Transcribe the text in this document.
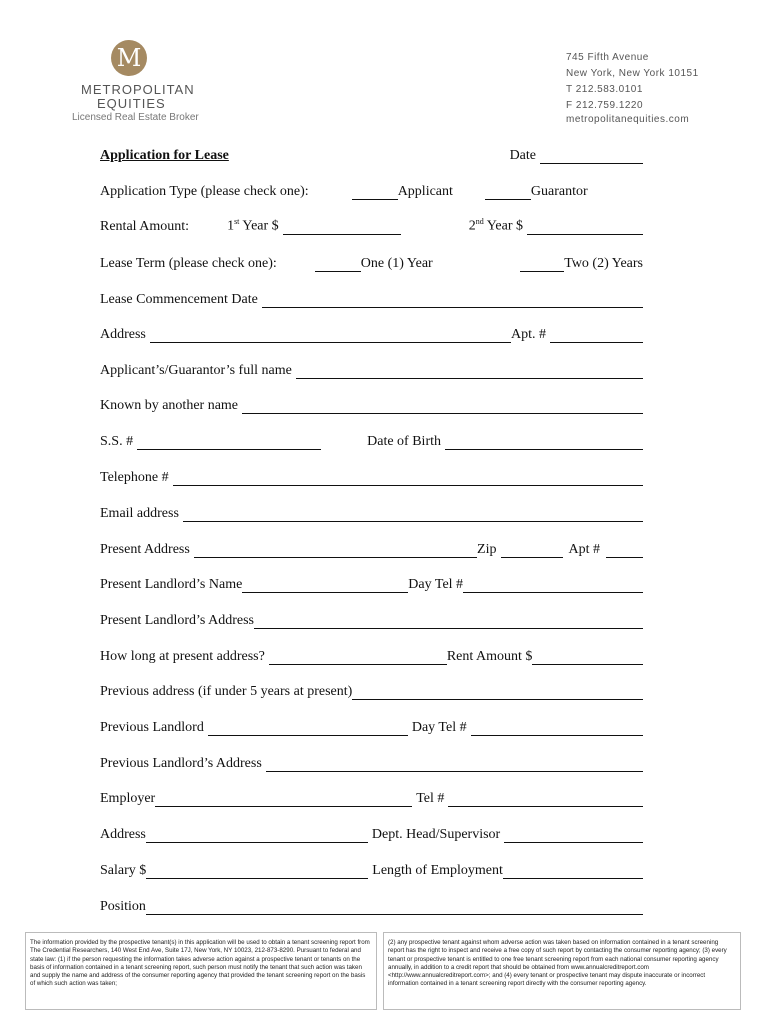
M
METROPOLITAN
EQUITIES
Licensed Real Estate Broker
745 Fifth Avenue
New York, New York 10151
T 212.583.0101
F 212.759.1220
metropolitanequities.com
Application for Lease	Date
Application Type (please check one):	Applicant	Guarantor
Rental Amount:	1st Year $	2nd Year $
Lease Term (please check one):	One (1) Year	Two (2) Years
Lease Commencement Date
Address	Apt. #
Applicant’s/Guarantor’s full name
Known by another name
S.S. #	Date of Birth
Telephone #
Email address
Present Address	Zip	Apt #
Present Landlord’s Name	Day Tel #
Present Landlord’s Address
How long at present address?	Rent Amount $
Previous address (if under 5 years at present)
Previous Landlord	Day Tel #
Previous Landlord’s Address
Employer	Tel #
Address	Dept. Head/Supervisor
Salary $	Length of Employment
Position
The information provided by the prospective tenant(s) in this application will be used to obtain a tenant screening report from The Credential Researchers, 140 West End Ave, Suite 17J, New York, NY 10023, 212-873-8290. Pursuant to federal and state law: (1) if the person requesting the information takes adverse action against a prospective tenant or tenants on the basis of information contained in a tenant screening report, such person must notify the tenant that such action was taken and supply the name and address of the consumer reporting agency that provided the tenant screening report on the basis of which such action was taken;
(2) any prospective tenant against whom adverse action was taken based on information contained in a tenant screening report has the right to inspect and receive a free copy of such report by contacting the consumer reporting agency; (3) every tenant or prospective tenant is entitled to one free tenant screening report from each national consumer reporting agency annually, in addition to a credit report that should be obtained from www.annualcreditreport.com <http://www.annualcreditreport.com>; and (4) every tenant or prospective tenant may dispute inaccurate or incorrect information contained in a tenant screening report directly with the consumer reporting agency.
